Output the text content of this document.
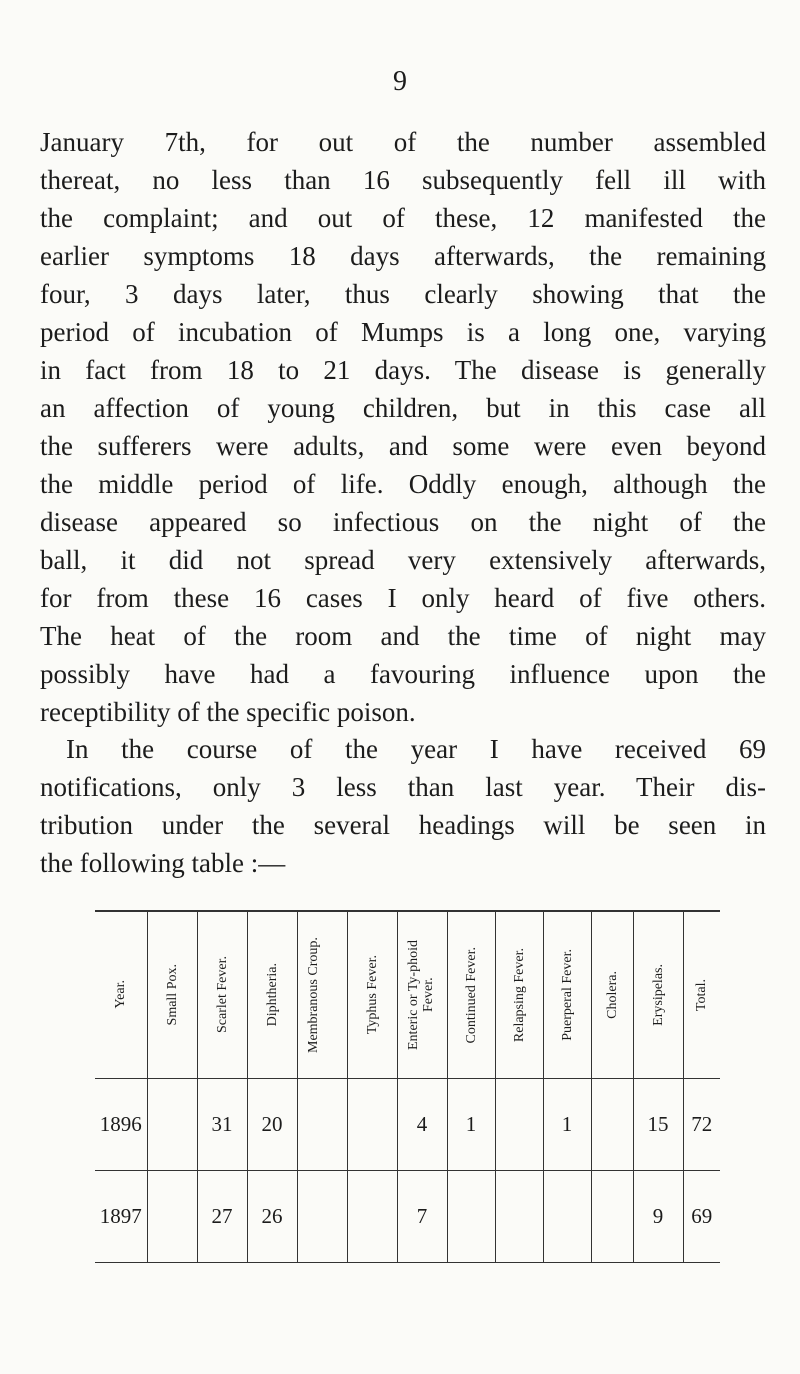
9
January 7th, for out of the number assembled
thereat, no less than 16 subsequently fell ill with
the complaint; and out of these, 12 manifested the
earlier symptoms 18 days afterwards, the remaining
four, 3 days later, thus clearly showing that the
period of incubation of Mumps is a long one, varying
in fact from 18 to 21 days. The disease is generally
an affection of young children, but in this case all
the sufferers were adults, and some were even beyond
the middle period of life. Oddly enough, although the
disease appeared so infectious on the night of the
ball, it did not spread very extensively afterwards,
for from these 16 cases I only heard of five others.
The heat of the room and the time of night may
possibly have had a favouring influence upon the
receptibility of the specific poison.
In the course of the year I have received 69
notifications, only 3 less than last year. Their dis-
tribution under the several headings will be seen in
the following table :—
Year.	Small Pox.	Scarlet Fever.	Diphtheria.	Membranous Croup.	Typhus Fever.	Enteric or Ty-phoid Fever.	Continued Fever.	Relapsing Fever.	Puerperal Fever.	Cholera.	Erysipelas.	Total.

1896		31	20			4	1		1		15	72
1897		27	26			7					9	69
